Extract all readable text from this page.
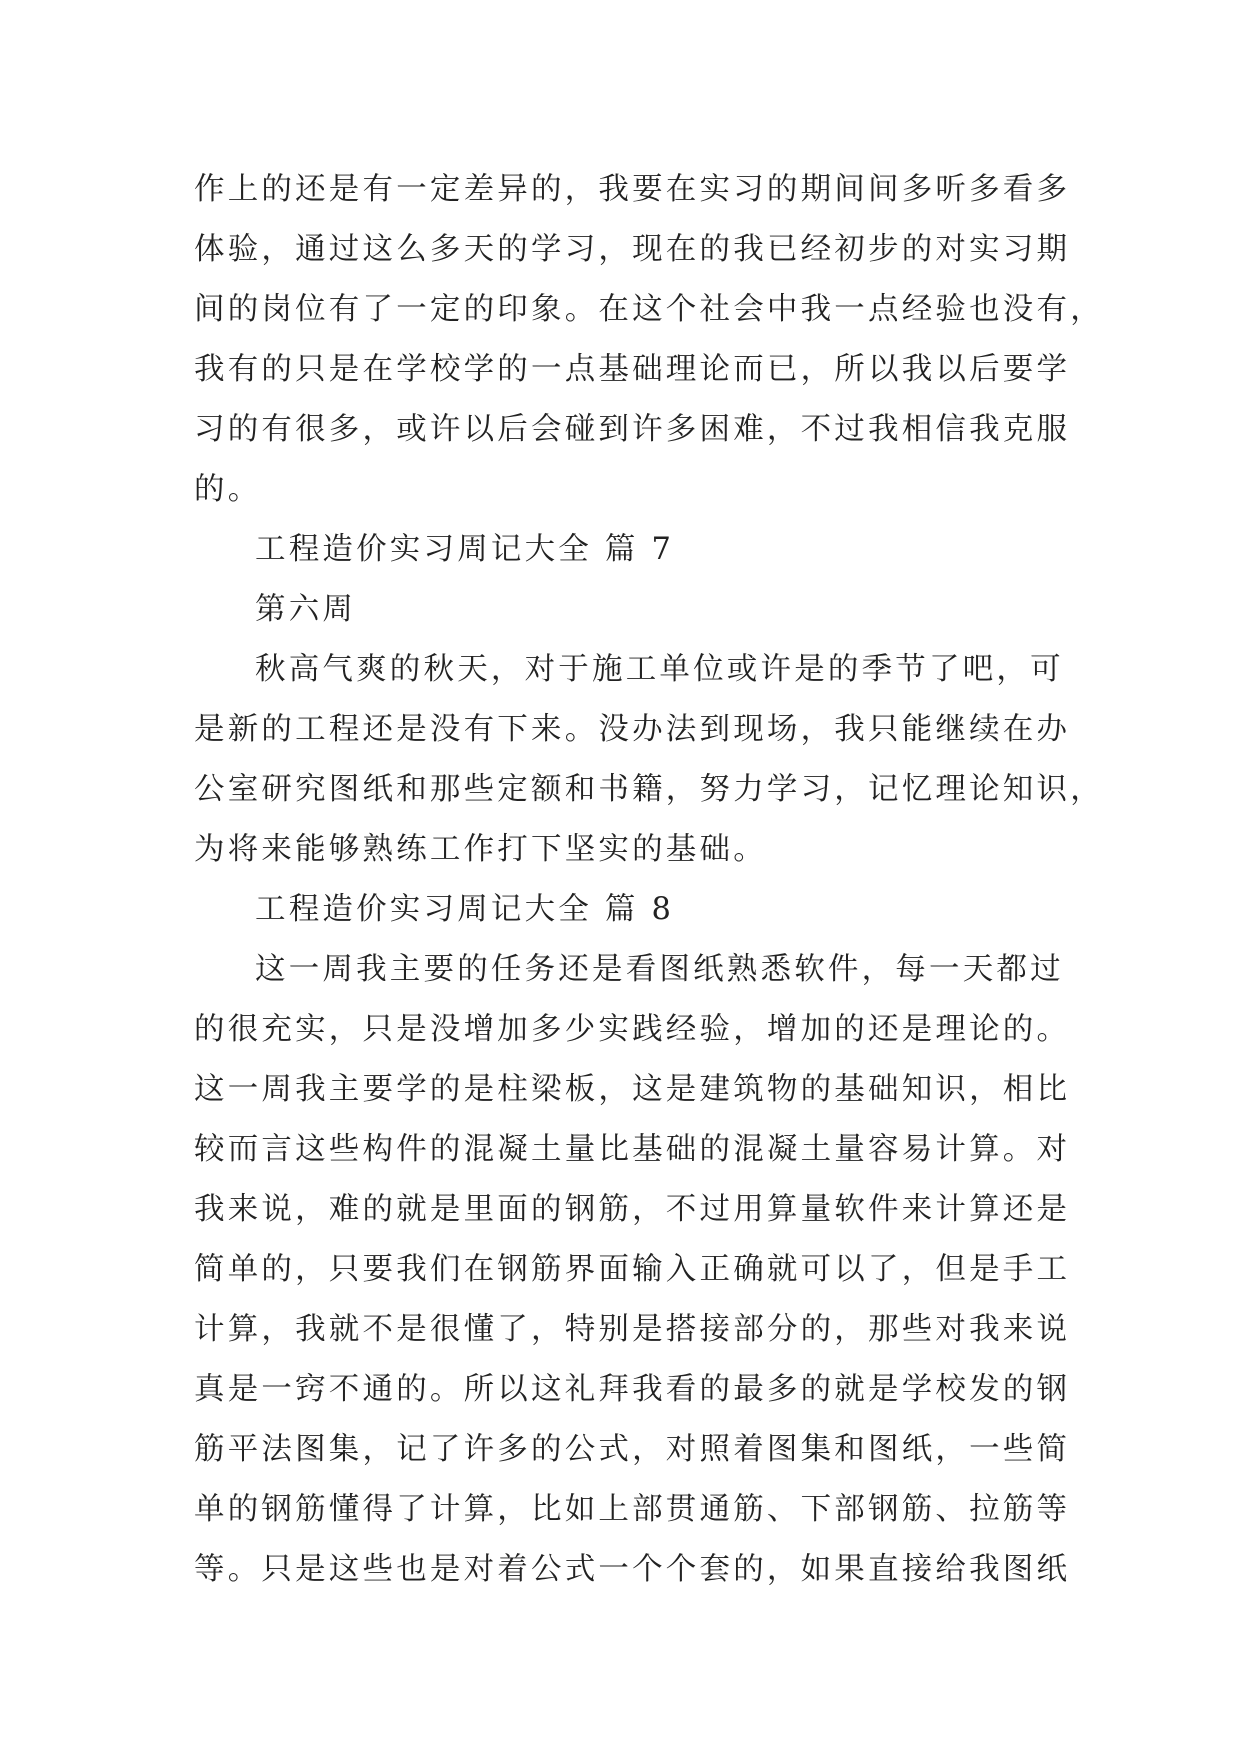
作上的还是有一定差异的，我要在实习的期间间多听多看多
体验，通过这么多天的学习，现在的我已经初步的对实习期
间的岗位有了一定的印象。在这个社会中我一点经验也没有，
我有的只是在学校学的一点基础理论而已，所以我以后要学
习的有很多，或许以后会碰到许多困难，不过我相信我克服
的。
工程造价实习周记大全 篇 7
第六周
秋高气爽的秋天，对于施工单位或许是的季节了吧，可
是新的工程还是没有下来。没办法到现场，我只能继续在办
公室研究图纸和那些定额和书籍，努力学习，记忆理论知识，
为将来能够熟练工作打下坚实的基础。
工程造价实习周记大全 篇 8
这一周我主要的任务还是看图纸熟悉软件，每一天都过
的很充实，只是没增加多少实践经验，增加的还是理论的。
这一周我主要学的是柱梁板，这是建筑物的基础知识，相比
较而言这些构件的混凝土量比基础的混凝土量容易计算。对
我来说，难的就是里面的钢筋，不过用算量软件来计算还是
简单的，只要我们在钢筋界面输入正确就可以了，但是手工
计算，我就不是很懂了，特别是搭接部分的，那些对我来说
真是一窍不通的。所以这礼拜我看的最多的就是学校发的钢
筋平法图集，记了许多的公式，对照着图集和图纸，一些简
单的钢筋懂得了计算，比如上部贯通筋、下部钢筋、拉筋等
等。只是这些也是对着公式一个个套的，如果直接给我图纸
